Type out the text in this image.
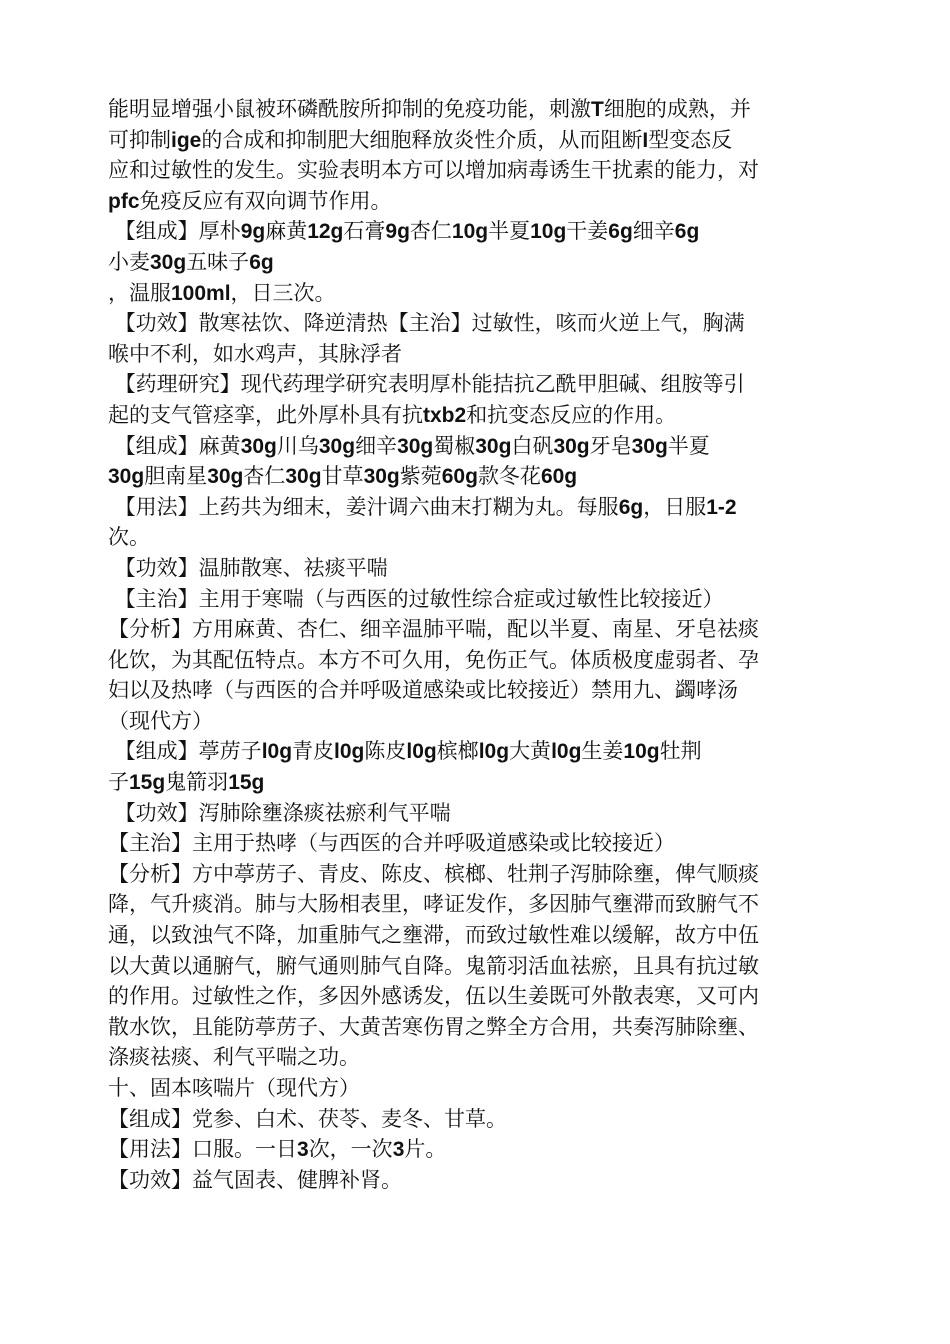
能明显增强小鼠被环磷酰胺所抑制的免疫功能，刺激T细胞的成熟，并
可抑制ige的合成和抑制肥大细胞释放炎性介质，从而阻断I型变态反
应和过敏性的发生。实验表明本方可以增加病毒诱生干扰素的能力，对
pfc免疫反应有双向调节作用。
【组成】厚朴9g麻黄12g石膏9g杏仁10g半夏10g干姜6g细辛6g
小麦30g五味子6g
，温服100ml，日三次。
【功效】散寒祛饮、降逆清热【主治】过敏性，咳而火逆上气，胸满
喉中不利，如水鸡声，其脉浮者
【药理研究】现代药理学研究表明厚朴能拮抗乙酰甲胆碱、组胺等引
起的支气管痉挛，此外厚朴具有抗txb2和抗变态反应的作用。
【组成】麻黄30g川乌30g细辛30g蜀椒30g白矾30g牙皂30g半夏
30g胆南星30g杏仁30g甘草30g紫菀60g款冬花60g
【用法】上药共为细末，姜汁调六曲末打糊为丸。每服6g，日服1-2
次。
【功效】温肺散寒、祛痰平喘
【主治】主用于寒喘（与西医的过敏性综合症或过敏性比较接近）
【分析】方用麻黄、杏仁、细辛温肺平喘，配以半夏、南星、牙皂祛痰
化饮，为其配伍特点。本方不可久用，免伤正气。体质极度虚弱者、孕
妇以及热哮（与西医的合并呼吸道感染或比较接近）禁用九、蠲哮汤
（现代方）
【组成】葶苈子l0g青皮l0g陈皮l0g槟榔l0g大黄l0g生姜10g牡荆
子15g鬼箭羽15g
【功效】泻肺除壅涤痰祛瘀利气平喘
【主治】主用于热哮（与西医的合并呼吸道感染或比较接近）
【分析】方中葶苈子、青皮、陈皮、槟榔、牡荆子泻肺除壅，俾气顺痰
降，气升痰消。肺与大肠相表里，哮证发作，多因肺气壅滞而致腑气不
通，以致浊气不降，加重肺气之壅滞，而致过敏性难以缓解，故方中伍
以大黄以通腑气，腑气通则肺气自降。鬼箭羽活血祛瘀，且具有抗过敏
的作用。过敏性之作，多因外感诱发，伍以生姜既可外散表寒，又可内
散水饮，且能防葶苈子、大黄苦寒伤胃之弊全方合用，共奏泻肺除壅、
涤痰祛痰、利气平喘之功。
十、固本咳喘片（现代方）
【组成】党参、白术、茯苓、麦冬、甘草。
【用法】口服。一日3次，一次3片。
【功效】益气固表、健脾补肾。
